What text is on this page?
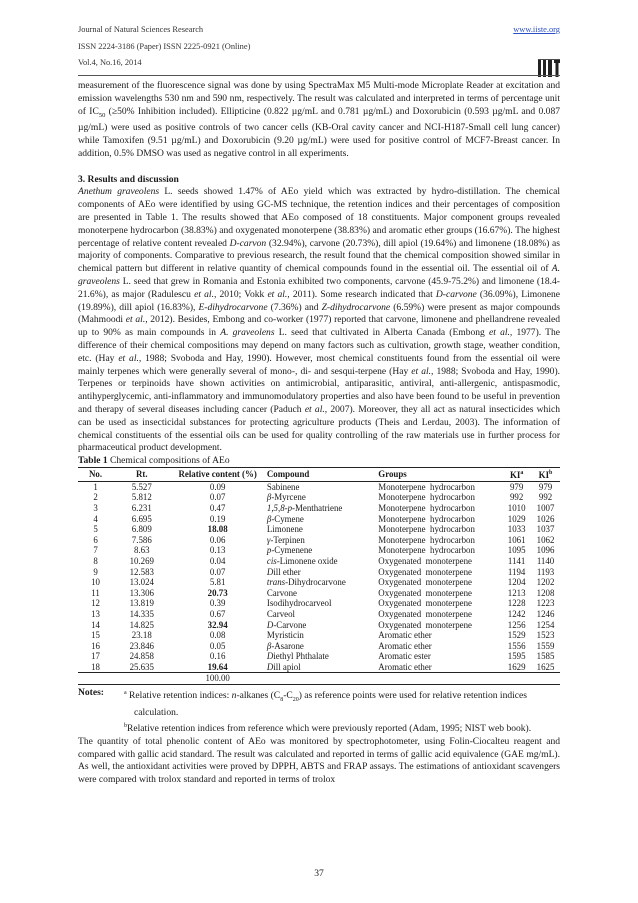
Journal of Natural Sciences Research
ISSN 2224-3186 (Paper) ISSN 2225-0921 (Online)
Vol.4, No.16, 2014
www.iiste.org

measurement of the fluorescence signal was done by using SpectraMax M5 Multi-mode Microplate Reader at excitation and emission wavelengths 530 nm and 590 nm, respectively. The result was calculated and interpreted in terms of percentage unit of $IC_{50}$ (≥50% Inhibition included). Ellipticine (0.822 µg/mL and 0.781 µg/mL) and Doxorubicin (0.593 µg/mL and 0.087 µg/mL) were used as positive controls of two cancer cells (KB-Oral cavity cancer and NCI-H187-Small cell lung cancer) while Tamoxifen (9.51 µg/mL) and Doxorubicin (9.20 µg/mL) were used for positive control of MCF7-Breast cancer. In addition, 0.5% DMSO was used as negative control in all experiments.

3. Results and discussion

Anethum graveolens L. seeds showed 1.47% of AEo yield which was extracted by hydro-distillation. The chemical components of AEo were identified by using GC-MS technique, the retention indices and their percentages of composition are presented in Table 1. The results showed that AEo composed of 18 constituents. Major component groups revealed monoterpene hydrocarbon (38.83%) and oxygenated monoterpene (38.83%) and aromatic ether groups (16.67%). The highest percentage of relative content revealed D-carvon (32.94%), carvone (20.73%), dill apiol (19.64%) and limonene (18.08%) as majority of components. Comparative to previous research, the result found that the chemical composition showed similar in chemical pattern but different in relative quantity of chemical compounds found in the essential oil. The essential oil of A. graveolens L. seed that grew in Romania and Estonia exhibited two components, carvone (45.9-75.2%) and limonene (18.4-21.6%), as major (Radulescu et al., 2010; Vokk et al., 2011). Some research indicated that D-carvone (36.09%), Limonene (19.89%), dill apiol (16.83%), E-dihydrocarvone (7.36%) and Z-dihydrocarvone (6.59%) were present as major compounds (Mahmoodi et al., 2012). Besides, Embong and co-worker (1977) reported that carvone, limonene and phellandrene revealed up to 90% as main compounds in A. graveolens L. seed that cultivated in Alberta Canada (Embong et al., 1977). The difference of their chemical compositions may depend on many factors such as cultivation, growth stage, weather condition, etc. (Hay et al., 1988; Svoboda and Hay, 1990). However, most chemical constituents found from the essential oil were mainly terpenes which were generally several of mono-, di- and sesqui-terpene (Hay et al., 1988; Svoboda and Hay, 1990). Terpenes or terpinoids have shown activities on antimicrobial, antiparasitic, antiviral, anti-allergenic, antispasmodic, antihyperglycemic, anti-inflammatory and immunomodulatory properties and also have been found to be useful in prevention and therapy of several diseases including cancer (Paduch et al., 2007). Moreover, they all act as natural insecticides which can be used as insecticidal substances for protecting agriculture products (Theis and Lerdau, 2003). The information of chemical constituents of the essential oils can be used for quality controlling of the raw materials use in further process for pharmaceutical product development.

Table 1 Chemical compositions of AEo
No.	Rt.	Relative content (%)	Compound	Groups	$KI^a$	$KI^b$
1	5.527	0.09	Sabinene	Monoterpene  hydrocarbon	979	979
2	5.812	0.07	β-Myrcene	Monoterpene  hydrocarbon	992	992
3	6.231	0.47	1,5,8-p-Menthatriene	Monoterpene  hydrocarbon	1010	1007
4	6.695	0.19	β-Cymene	Monoterpene  hydrocarbon	1029	1026
5	6.809	18.08	Limonene	Monoterpene  hydrocarbon	1033	1037
6	7.586	0.06	γ-Terpinen	Monoterpene  hydrocarbon	1061	1062
7	8.63	0.13	p-Cymenene	Monoterpene  hydrocarbon	1095	1096
8	10.269	0.04	cis-Limonene oxide	Oxygenated  monoterpene	1141	1140
9	12.583	0.07	Dill ether	Oxygenated  monoterpene	1194	1193
10	13.024	5.81	trans-Dihydrocarvone	Oxygenated  monoterpene	1204	1202
11	13.306	20.73	Carvone	Oxygenated  monoterpene	1213	1208
12	13.819	0.39	Isodihydrocarveol	Oxygenated  monoterpene	1228	1223
13	14.335	0.67	Carveol	Oxygenated  monoterpene	1242	1246
14	14.825	32.94	D-Carvone	Oxygenated  monoterpene	1256	1254
15	23.18	0.08	Myristicin	Aromatic ether	1529	1523
16	23.846	0.05	β-Asarone	Aromatic ether	1556	1559
17	24.858	0.16	Diethyl Phthalate	Aromatic ester	1595	1585
18	25.635	19.64	Dill apiol	Aromatic ether	1629	1625
		100.00				
Notes:	$^a$ Relative retention indices: n-alkanes $(C_8-C_{20})$ as reference points were used for relative retention indices calculation.
$^b$Relative retention indices from reference which were previously reported (Adam, 1995; NIST web book).

The quantity of total phenolic content of AEo was monitored by spectrophotometer, using Folin-Ciocalteu reagent and compared with gallic acid standard. The result was calculated and reported in terms of gallic acid equivalence (GAE mg/mL). As well, the antioxidant activities were proved by DPPH, ABTS and FRAP assays. The estimations of antioxidant scavengers were compared with trolox standard and reported in terms of trolox

37
